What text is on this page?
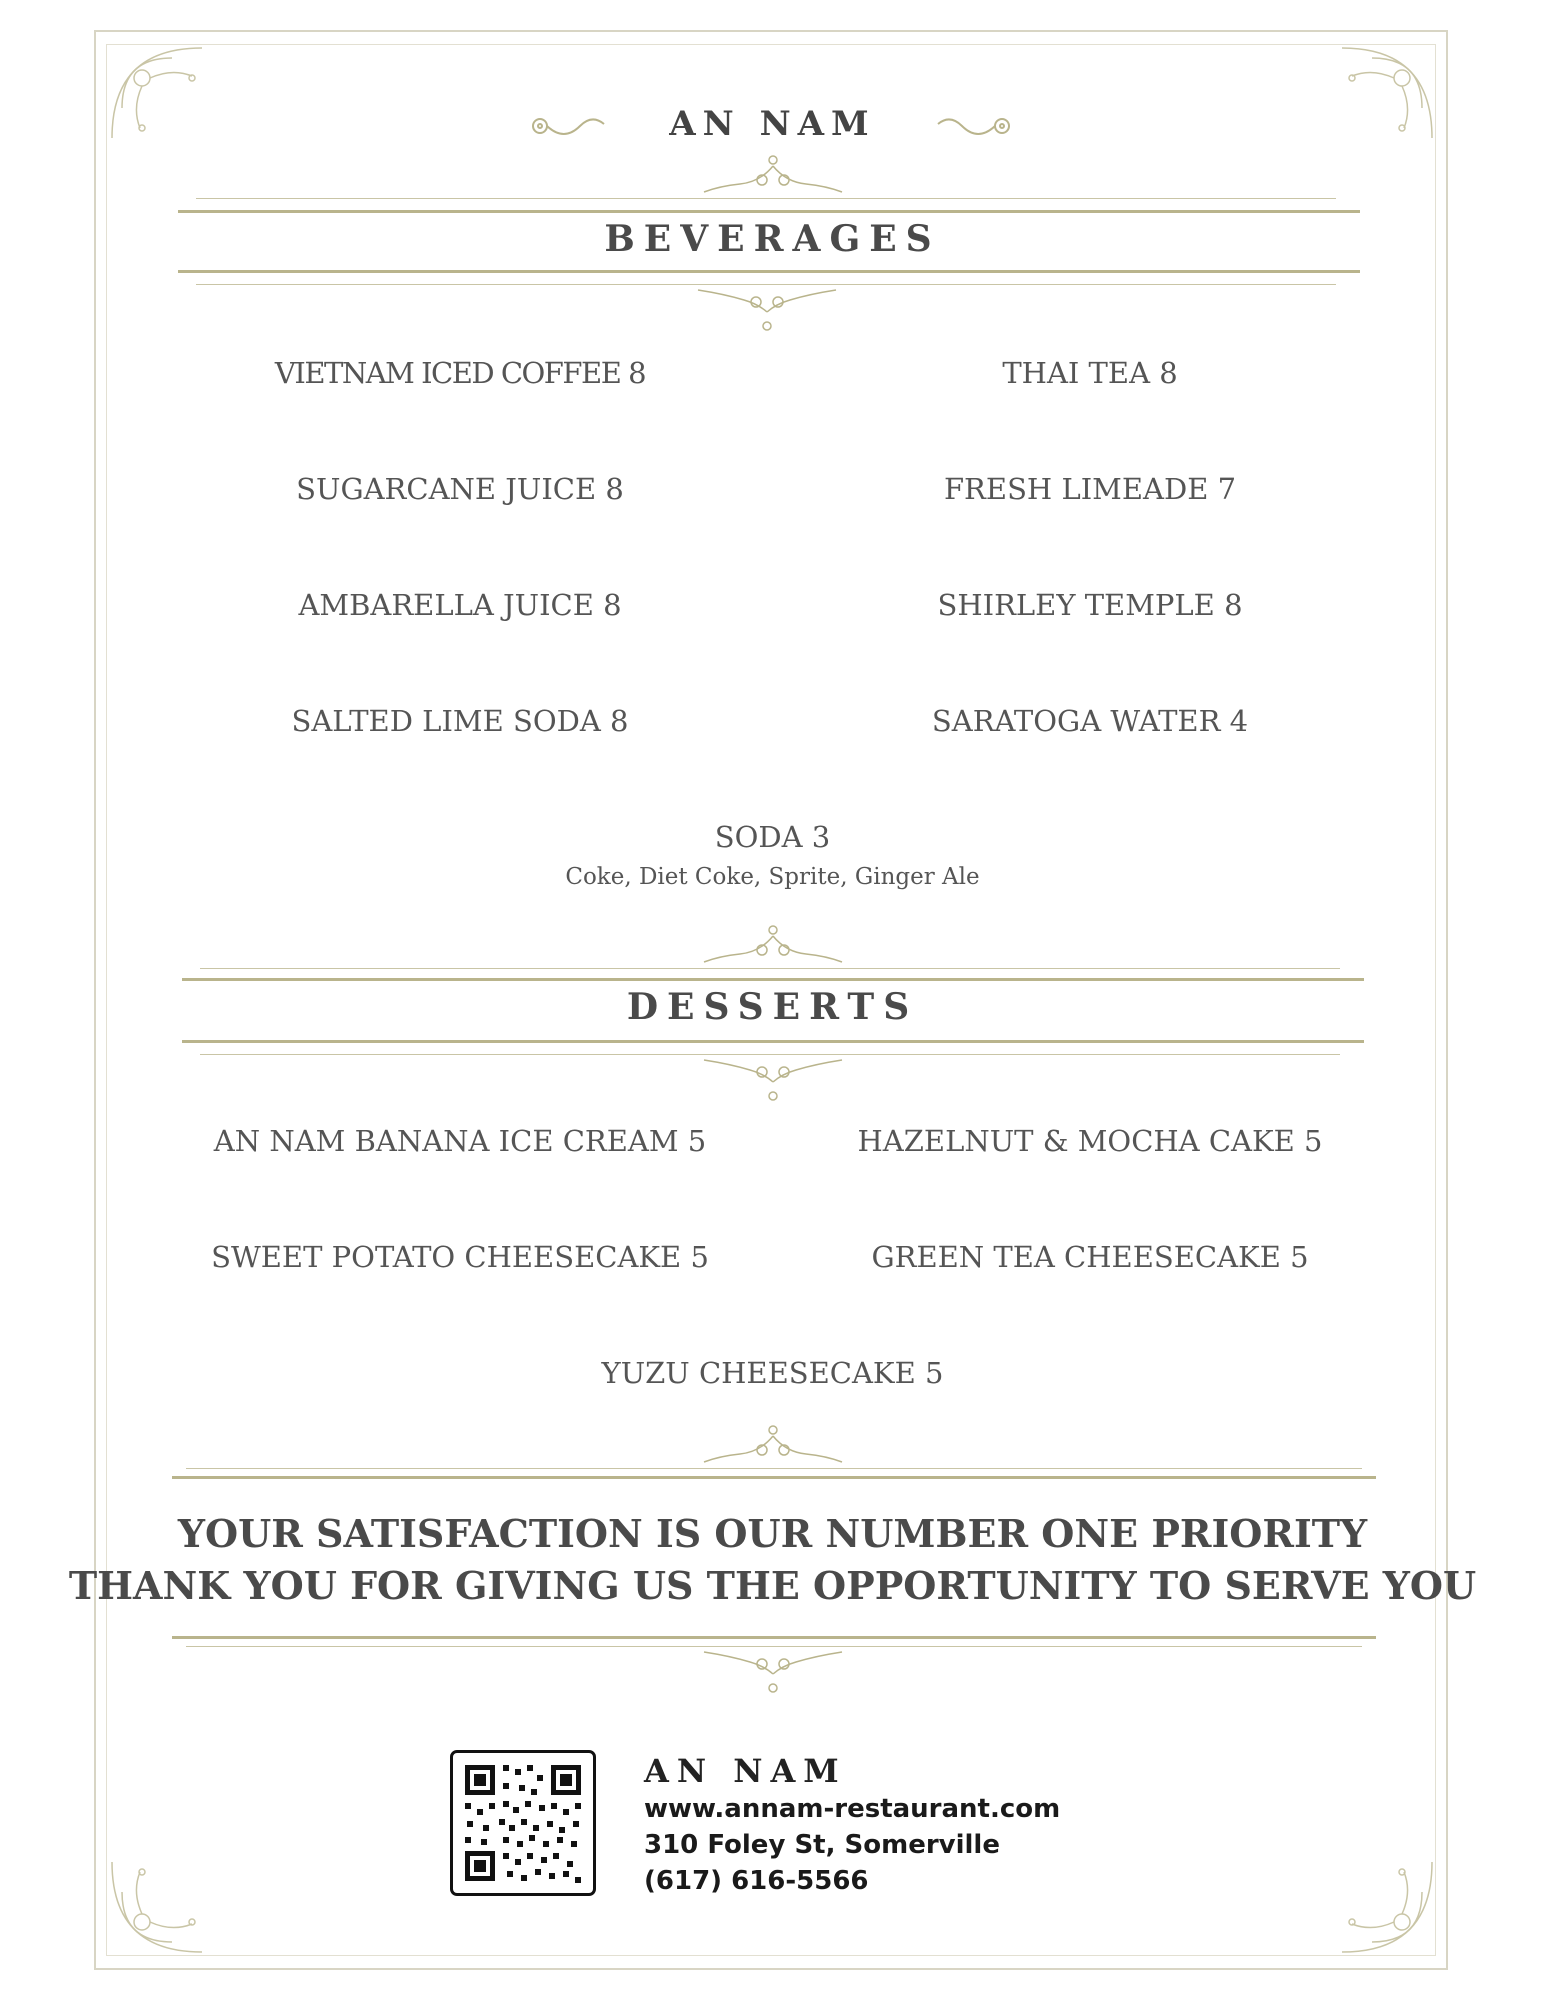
AN NAM
BEVERAGES
VIETNAM ICED COFFEE 8	THAI TEA 8
SUGARCANE JUICE 8	FRESH LIMEADE 7
AMBARELLA JUICE 8	SHIRLEY TEMPLE 8
SALTED LIME SODA 8	SARATOGA WATER 4
SODA 3
Coke, Diet Coke, Sprite, Ginger Ale
DESSERTS
AN NAM BANANA ICE CREAM 5	HAZELNUT & MOCHA CAKE 5
SWEET POTATO CHEESECAKE 5	GREEN TEA CHEESECAKE 5
YUZU CHEESECAKE 5
YOUR SATISFACTION IS OUR NUMBER ONE PRIORITY
THANK YOU FOR GIVING US THE OPPORTUNITY TO SERVE YOU
AN NAM
www.annam-restaurant.com
310 Foley St, Somerville
(617) 616-5566
